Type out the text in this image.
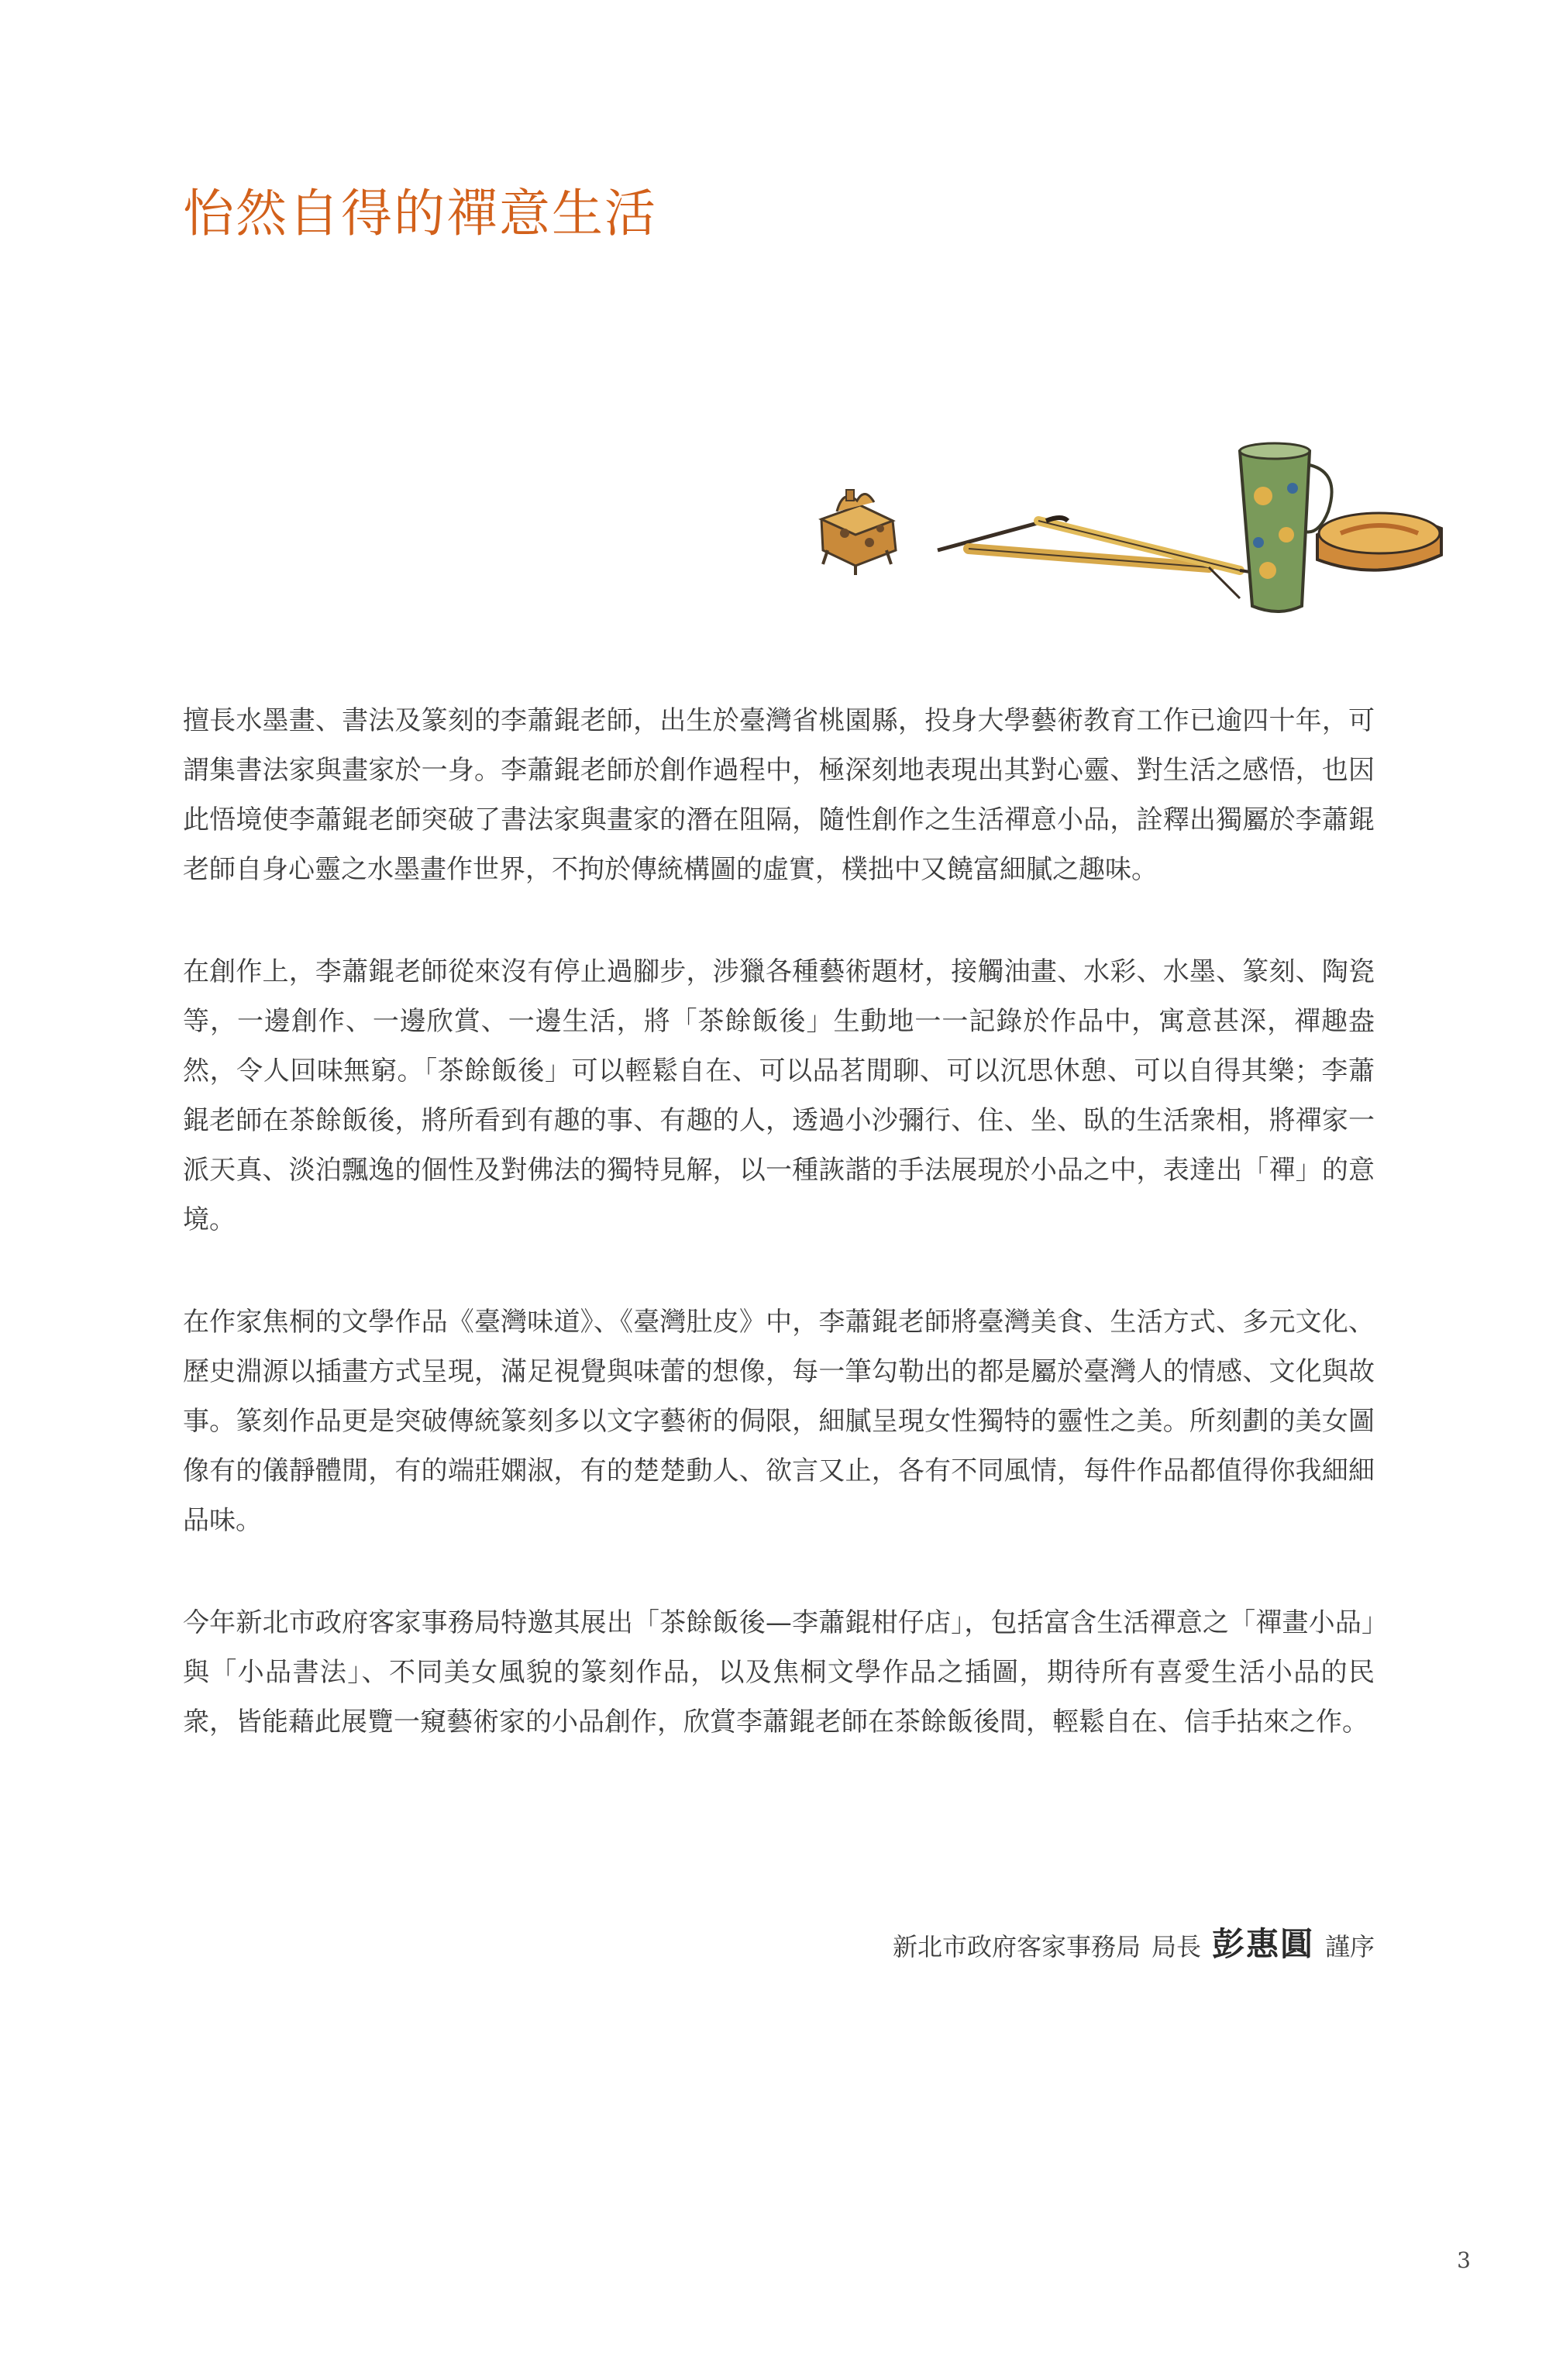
怡然自得的禪意生活

擅長水墨畫、書法及篆刻的李蕭錕老師，出生於臺灣省桃園縣，投身大學藝術教育工作已逾四十年，可謂集書法家與畫家於一身。李蕭錕老師於創作過程中，極深刻地表現出其對心靈、對生活之感悟，也因此悟境使李蕭錕老師突破了書法家與畫家的潛在阻隔，隨性創作之生活禪意小品，詮釋出獨屬於李蕭錕老師自身心靈之水墨畫作世界，不拘於傳統構圖的虛實，樸拙中又饒富細膩之趣味。

在創作上，李蕭錕老師從來沒有停止過腳步，涉獵各種藝術題材，接觸油畫、水彩、水墨、篆刻、陶瓷等，一邊創作、一邊欣賞、一邊生活，將「茶餘飯後」生動地一一記錄於作品中，寓意甚深，禪趣盎然，令人回味無窮。「茶餘飯後」可以輕鬆自在、可以品茗閒聊、可以沉思休憩、可以自得其樂；李蕭錕老師在茶餘飯後，將所看到有趣的事、有趣的人，透過小沙彌行、住、坐、臥的生活衆相，將禪家一派天真、淡泊飄逸的個性及對佛法的獨特見解，以一種詼諧的手法展現於小品之中，表達出「禪」的意境。

在作家焦桐的文學作品《臺灣味道》、《臺灣肚皮》中，李蕭錕老師將臺灣美食、生活方式、多元文化、歷史淵源以插畫方式呈現，滿足視覺與味蕾的想像，每一筆勾勒出的都是屬於臺灣人的情感、文化與故事。篆刻作品更是突破傳統篆刻多以文字藝術的侷限，細膩呈現女性獨特的靈性之美。所刻劃的美女圖像有的儀靜體閒，有的端莊嫻淑，有的楚楚動人、欲言又止，各有不同風情，每件作品都值得你我細細品味。

今年新北市政府客家事務局特邀其展出「茶餘飯後—李蕭錕柑仔店」，包括富含生活禪意之「禪畫小品」與「小品書法」、不同美女風貌的篆刻作品，以及焦桐文學作品之插圖，期待所有喜愛生活小品的民衆，皆能藉此展覽一窺藝術家的小品創作，欣賞李蕭錕老師在茶餘飯後間，輕鬆自在、信手拈來之作。

新北市政府客家事務局 局長 彭惠圓 謹序
3
